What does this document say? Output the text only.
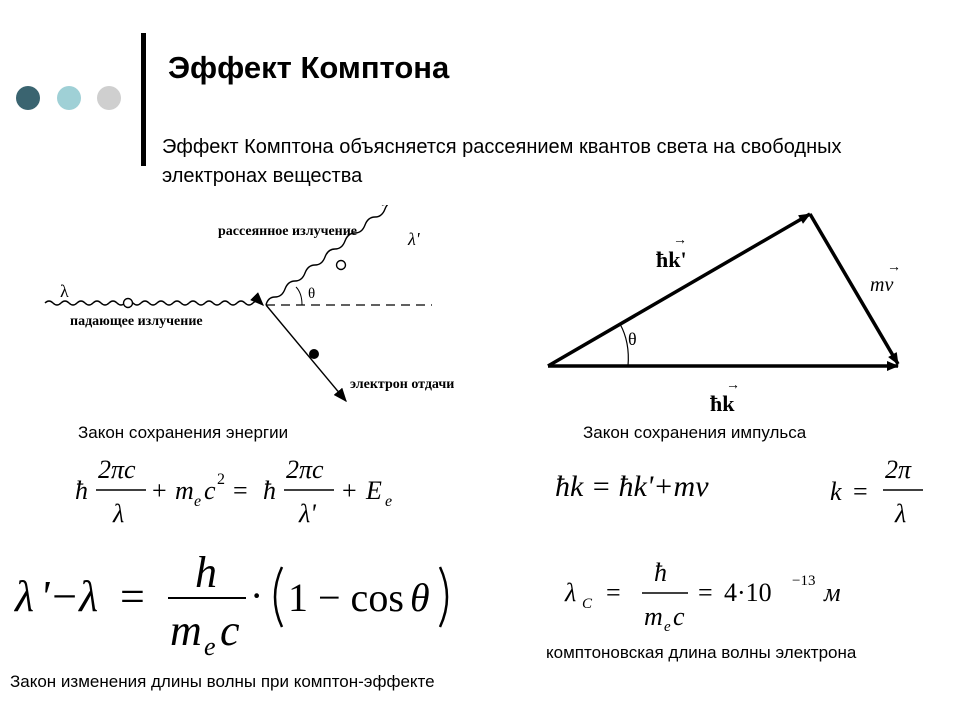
Эффект Комптона
Эффект Комптона объясняется рассеянием квантов света на свободных электронах вещества
рассеянное излучение	λ'
λ	θ
падающее излучение
электрон отдачи
θ
→
ħk'	→
mv
→
ħk
Закон сохранения энергии	Закон сохранения импульса
комптоновская длина волны электрона
Закон изменения длины волны при комптон-эффекте
ħ
2πc
λ
+ m e c 2 = ħ
2πc
λ'
+ E e	ħk = ħk'+mv	k =
2π
λ
λ '−λ = h
m e c
· 1 − cos θ	λ C =
ħ
m e c
= 4·10 −13 м
